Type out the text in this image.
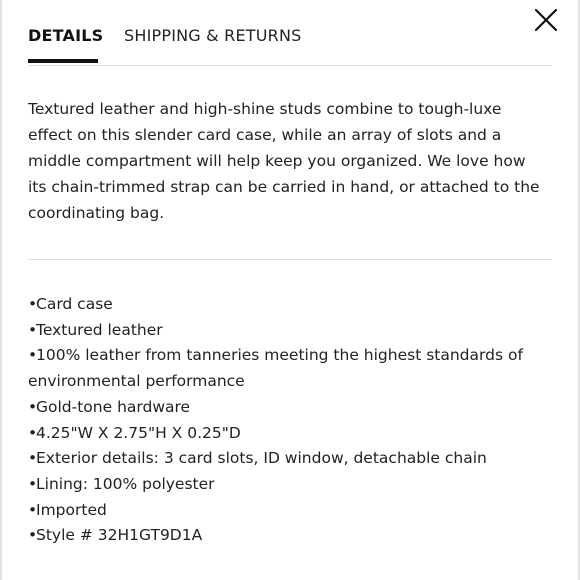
DETAILS SHIPPING & RETURNS

Textured leather and high-shine studs combine to tough-luxe effect on this slender card case, while an array of slots and a middle compartment will help keep you organized. We love how its chain-trimmed strap can be carried in hand, or attached to the coordinating bag.

•Card case
•Textured leather
•100% leather from tanneries meeting the highest standards of environmental performance
•Gold-tone hardware
•4.25"W X 2.75"H X 0.25"D
•Exterior details: 3 card slots, ID window, detachable chain
•Lining: 100% polyester
•Imported
•Style # 32H1GT9D1A
